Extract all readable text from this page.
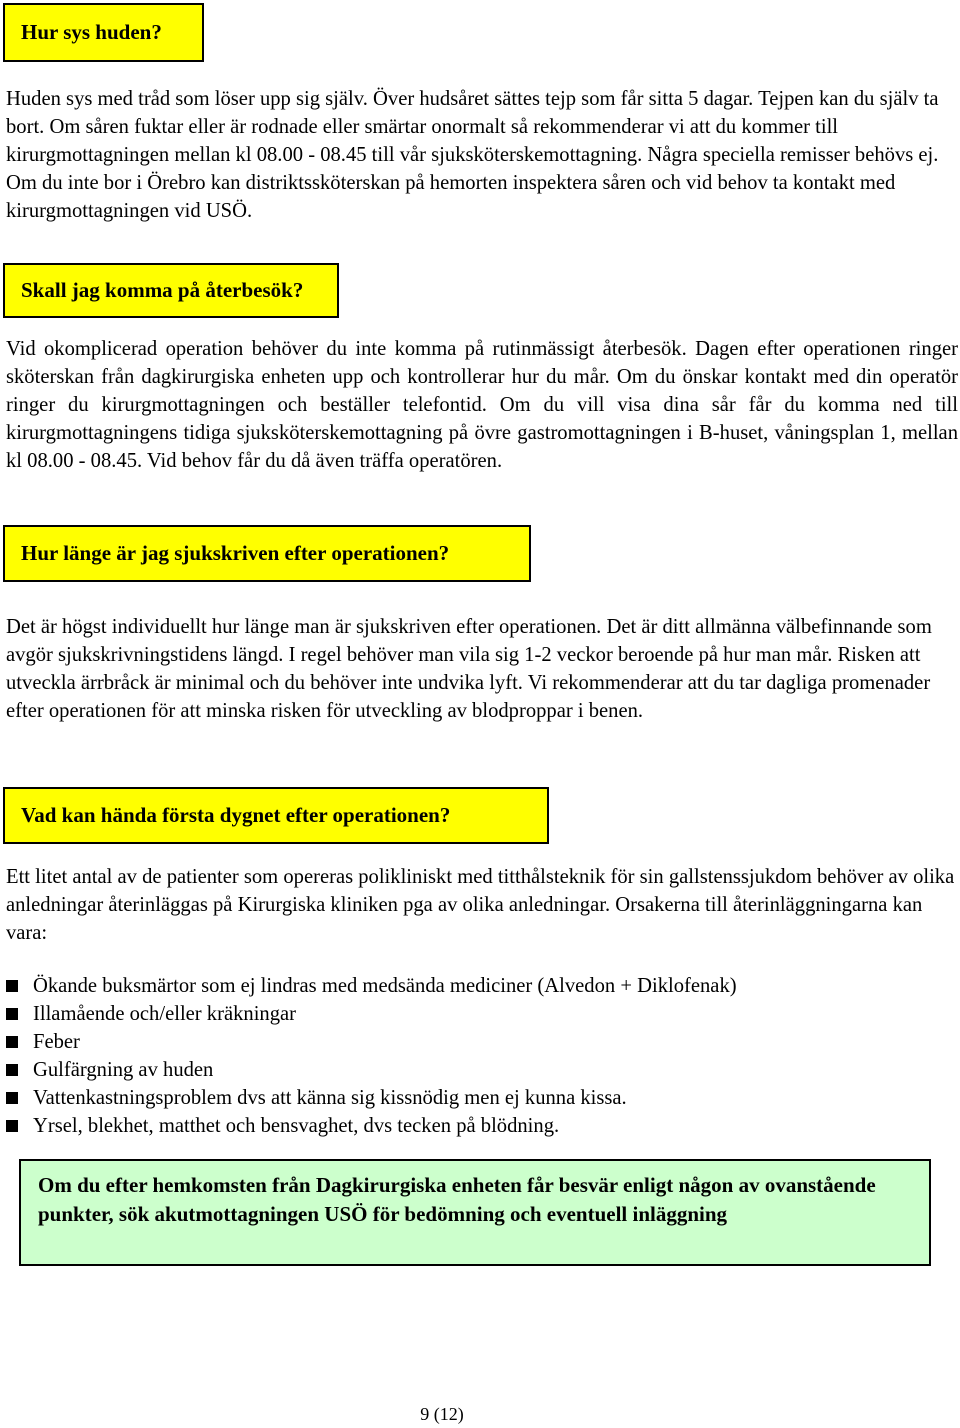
Hur sys huden?

Huden sys med tråd som löser upp sig själv. Över hudsåret sättes tejp som får sitta 5 dagar. Tejpen kan du själv ta bort. Om såren fuktar eller är rodnade eller smärtar onormalt så rekommenderar vi att du kommer till kirurgmottagningen mellan kl 08.00 - 08.45 till vår sjuksköterskemottagning. Några speciella remisser behövs ej. Om du inte bor i Örebro kan distriktssköterskan på hemorten inspektera såren och vid behov ta kontakt med kirurgmottagningen vid USÖ.

Skall jag komma på återbesök?

Vid okomplicerad operation behöver du inte komma på rutinmässigt återbesök. Dagen efter operationen ringer sköterskan från dagkirurgiska enheten upp och kontrollerar hur du mår. Om du önskar kontakt med din operatör ringer du kirurgmottagningen och beställer telefontid. Om du vill visa dina sår får du komma ned till kirurgmottagningens tidiga sjuksköterskemottagning på övre gastromottagningen i B-huset, våningsplan 1, mellan kl 08.00 - 08.45. Vid behov får du då även träffa operatören.

Hur länge är jag sjukskriven efter operationen?

Det är högst individuellt hur länge man är sjukskriven efter operationen. Det är ditt allmänna välbefinnande som avgör sjukskrivningstidens längd. I regel behöver man vila sig 1-2 veckor beroende på hur man mår. Risken att utveckla ärrbråck är minimal och du behöver inte undvika lyft. Vi rekommenderar att du tar dagliga promenader efter operationen för att minska risken för utveckling av blodproppar i benen.

Vad kan hända första dygnet efter operationen?

Ett litet antal av de patienter som opereras polikliniskt med titthålsteknik för sin gallstenssjukdom behöver av olika anledningar återinläggas på Kirurgiska kliniken pga av olika anledningar. Orsakerna till återinläggningarna kan vara:

Ökande buksmärtor som ej lindras med medsända mediciner (Alvedon + Diklofenak)
Illamående och/eller kräkningar
Feber
Gulfärgning av huden
Vattenkastningsproblem dvs att känna sig kissnödig men ej kunna kissa.
Yrsel, blekhet, matthet och bensvaghet, dvs tecken på blödning.
Om du efter hemkomsten från Dagkirurgiska enheten får besvär enligt någon av ovanstående punkter, sök akutmottagningen USÖ för bedömning och eventuell inläggning
9 (12)
